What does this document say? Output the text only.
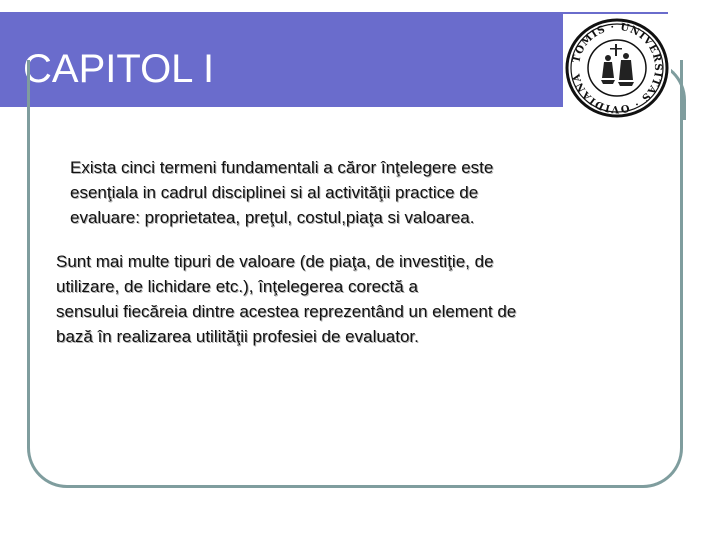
CAPITOL I	TOMIS · UNIVERSITAS · OVIDIANA

Exista cinci termeni fundamentali a căror înţelegere este
esenţiala in cadrul disciplinei si al activităţii practice de
evaluare: proprietatea, preţul, costul,piaţa si valoarea.

Sunt mai multe tipuri de valoare (de piaţa, de investiţie, de
utilizare, de lichidare etc.), înţelegerea corectă a
sensului fiecăreia dintre acestea reprezentând un element de
bază în realizarea utilităţii profesiei de evaluator.
